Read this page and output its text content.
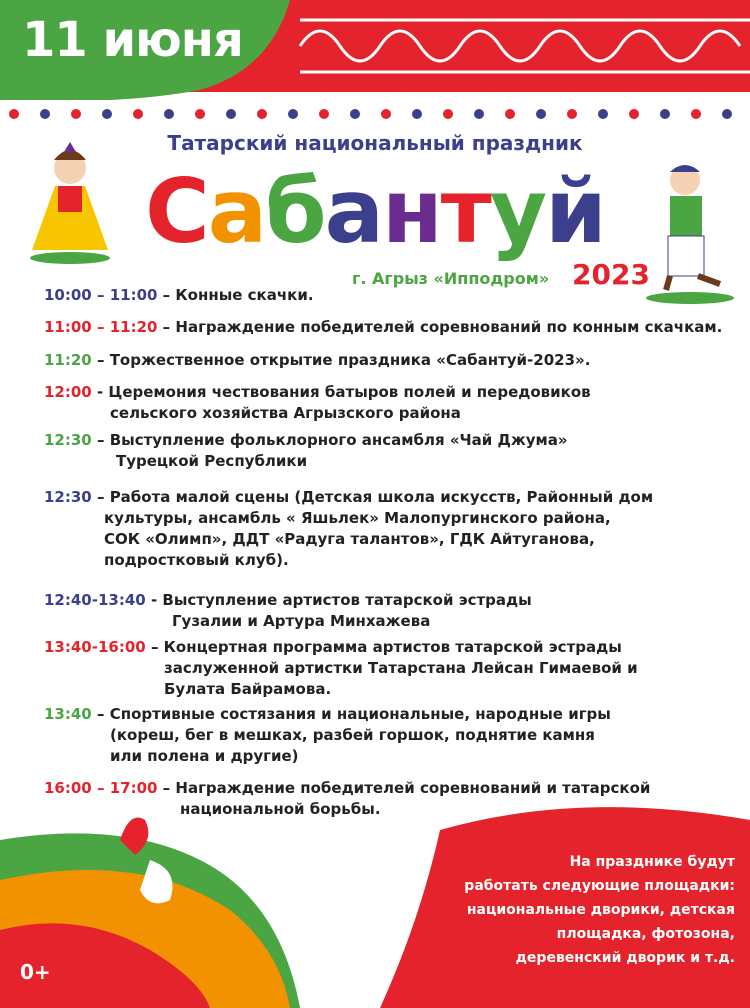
11 июня
Татарский национальный праздник
Сабантуй
г. Агрыз «Ипподром» 2023
10:00 – 11:00 – Конные скачки.
11:00 – 11:20 – Награждение победителей соревнований по конным скачкам.
11:20 – Торжественное открытие праздника «Сабантуй-2023».
12:00 - Церемония чествования батыров полей и передовиков
сельского хозяйства Агрызского района
12:30 – Выступление фольклорного ансамбля «Чай Джума»
Турецкой Республики
12:30 – Работа малой сцены (Детская школа искусств, Районный дом
культуры, ансамбль « Яшьлек» Малопургинского района,
СОК «Олимп», ДДТ «Радуга талантов», ГДК Айтуганова,
подростковый клуб).
12:40-13:40 - Выступление артистов татарской эстрады
Гузалии и Артура Минхажева
13:40-16:00 – Концертная программа артистов татарской эстрады
заслуженной артистки Татарстана Лейсан Гимаевой и
Булата Байрамова.
13:40 – Спортивные состязания и национальные, народные игры
(кореш, бег в мешках, разбей горшок, поднятие камня
или полена и другие)
16:00 – 17:00 – Награждение победителей соревнований и татарской
национальной борьбы.
На празднике будут
работать следующие площадки:
национальные дворики, детская
площадка, фотозона,
деревенский дворик и т.д.
0+
